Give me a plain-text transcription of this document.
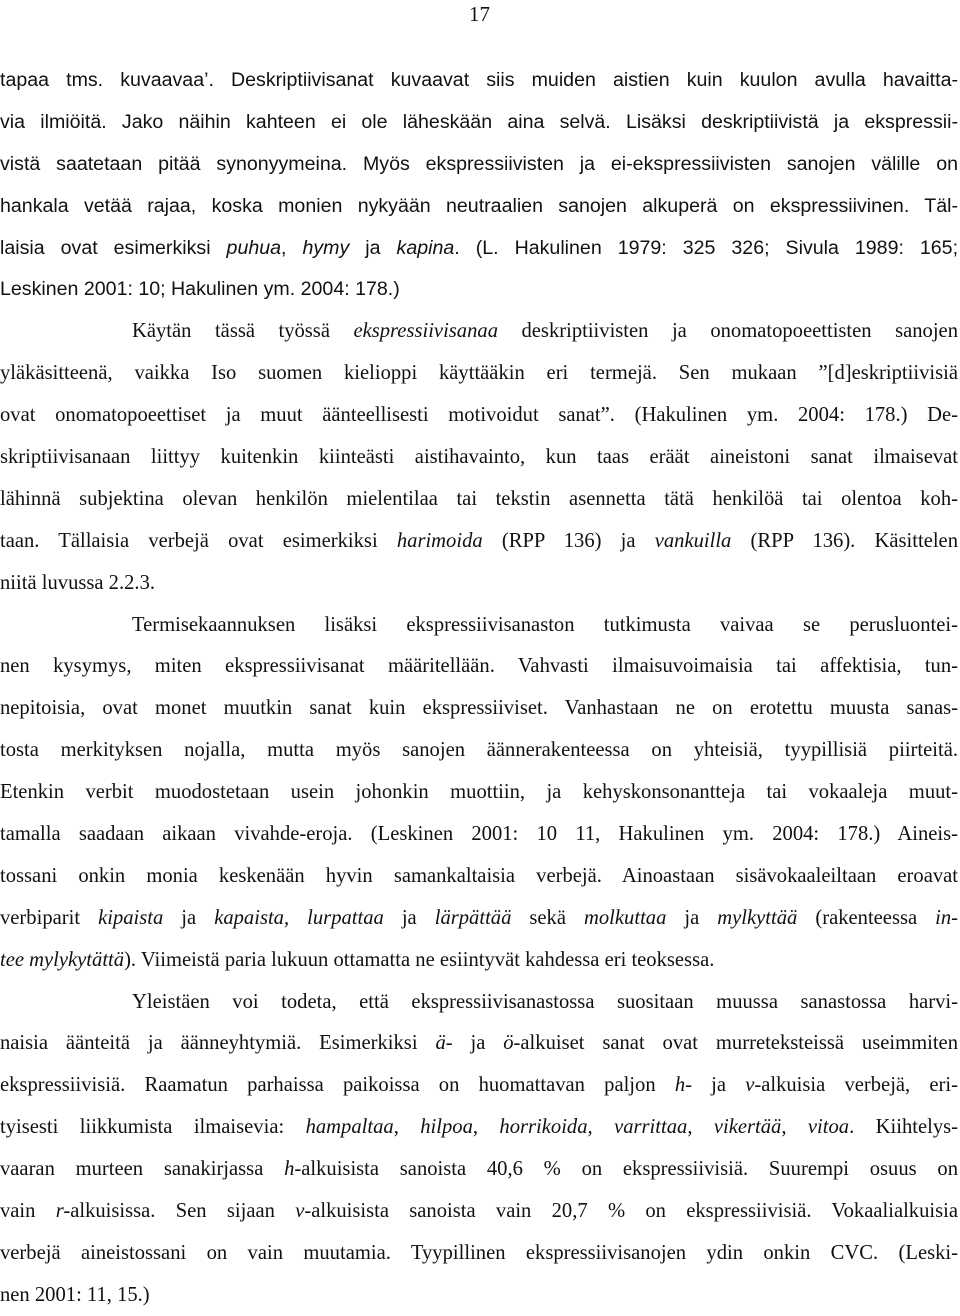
17
tapaa tms. kuvaavaa’. Deskriptiivisanat kuvaavat siis muiden aistien kuin kuulon avulla havaitta-
via ilmiöitä. Jako näihin kahteen ei ole läheskään aina selvä. Lisäksi deskriptiivistä ja ekspressii-
vistä saatetaan pitää synonyymeina. Myös ekspressiivisten ja ei-ekspressiivisten sanojen välille on
hankala vetää rajaa, koska monien nykyään neutraalien sanojen alkuperä on ekspressiivinen. Täl-
laisia ovat esimerkiksi puhua, hymy ja kapina. (L. Hakulinen 1979: 325 326; Sivula 1989: 165;
Leskinen 2001: 10; Hakulinen ym. 2004: 178.)
Käytän tässä työssä ekspressiivisanaa deskriptiivisten ja onomatopoeettisten sanojen
yläkäsitteenä, vaikka Iso suomen kielioppi käyttääkin eri termejä. Sen mukaan ”[d]eskriptiivisiä
ovat onomatopoeettiset ja muut äänteellisesti motivoidut sanat”. (Hakulinen ym. 2004: 178.) De-
skriptiivisanaan liittyy kuitenkin kiinteästi aistihavainto, kun taas eräät aineistoni sanat ilmaisevat
lähinnä subjektina olevan henkilön mielentilaa tai tekstin asennetta tätä henkilöä tai olentoa koh-
taan. Tällaisia verbejä ovat esimerkiksi harimoida (RPP 136) ja vankuilla (RPP 136). Käsittelen
niitä luvussa 2.2.3.
Termisekaannuksen lisäksi ekspressiivisanaston tutkimusta vaivaa se perusluontei-
nen kysymys, miten ekspressiivisanat määritellään. Vahvasti ilmaisuvoimaisia tai affektisia, tun-
nepitoisia, ovat monet muutkin sanat kuin ekspressiiviset. Vanhastaan ne on erotettu muusta sanas-
tosta merkityksen nojalla, mutta myös sanojen äännerakenteessa on yhteisiä, tyypillisiä piirteitä.
Etenkin verbit muodostetaan usein johonkin muottiin, ja kehyskonsonantteja tai vokaaleja muut-
tamalla saadaan aikaan vivahde-eroja. (Leskinen 2001: 10 11, Hakulinen ym. 2004: 178.) Aineis-
tossani onkin monia keskenään hyvin samankaltaisia verbejä. Ainoastaan sisävokaaleiltaan eroavat
verbiparit kipaista ja kapaista, lurpattaa ja lärpättää sekä molkuttaa ja mylkyttää (rakenteessa in-
tee mylykytättä). Viimeistä paria lukuun ottamatta ne esiintyvät kahdessa eri teoksessa.
Yleistäen voi todeta, että ekspressiivisanastossa suositaan muussa sanastossa harvi-
naisia äänteitä ja äänneyhtymiä. Esimerkiksi ä- ja ö-alkuiset sanat ovat murreteksteissä useimmiten
ekspressiivisiä. Raamatun parhaissa paikoissa on huomattavan paljon h- ja v-alkuisia verbejä, eri-
tyisesti liikkumista ilmaisevia: hampaltaa, hilpoa, horrikoida, varrittaa, vikertää, vitoa. Kiihtelys-
vaaran murteen sanakirjassa h-alkuisista sanoista 40,6 % on ekspressiivisiä. Suurempi osuus on
vain r-alkuisissa. Sen sijaan v-alkuisista sanoista vain 20,7 % on ekspressiivisiä. Vokaalialkuisia
verbejä aineistossani on vain muutamia. Tyypillinen ekspressiivisanojen ydin onkin CVC. (Leski-
nen 2001: 11, 15.)
